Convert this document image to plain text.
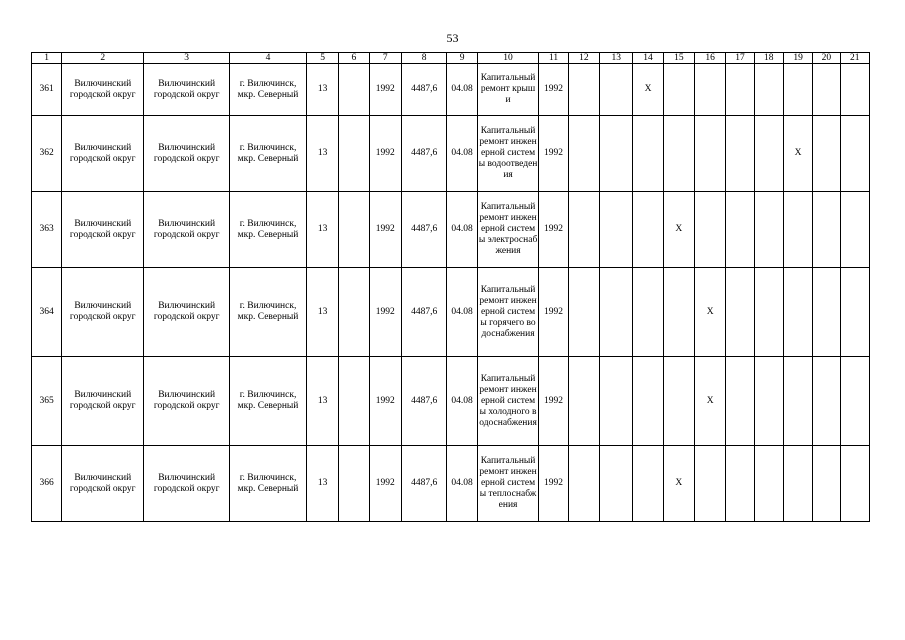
53
1	2	3	4	5	6	7	8	9	10	11	12	13	14	15	16	17	18	19	20	21
361	Вилючинский городской округ	Вилючинский городской округ	г. Вилючинск, мкр. Северный	13		1992	4487,6	04.08	Капитальный ремонт крыши	1992			X							
362	Вилючинский городской округ	Вилючинский городской округ	г. Вилючинск, мкр. Северный	13		1992	4487,6	04.08	Капитальный ремонт инженерной системы водоотведения	1992								X		
363	Вилючинский городской округ	Вилючинский городской округ	г. Вилючинск, мкр. Северный	13		1992	4487,6	04.08	Капитальный ремонт инженерной системы электроснабжения	1992				X						
364	Вилючинский городской округ	Вилючинский городской округ	г. Вилючинск, мкр. Северный	13		1992	4487,6	04.08	Капитальный ремонт инженерной системы горячего водоснабжения	1992					X					
365	Вилючинский городской округ	Вилючинский городской округ	г. Вилючинск, мкр. Северный	13		1992	4487,6	04.08	Капитальный ремонт инженерной системы холодного водоснабжения	1992					X					
366	Вилючинский городской округ	Вилючинский городской округ	г. Вилючинск, мкр. Северный	13		1992	4487,6	04.08	Капитальный ремонт инженерной системы теплоснабжения	1992				X						
